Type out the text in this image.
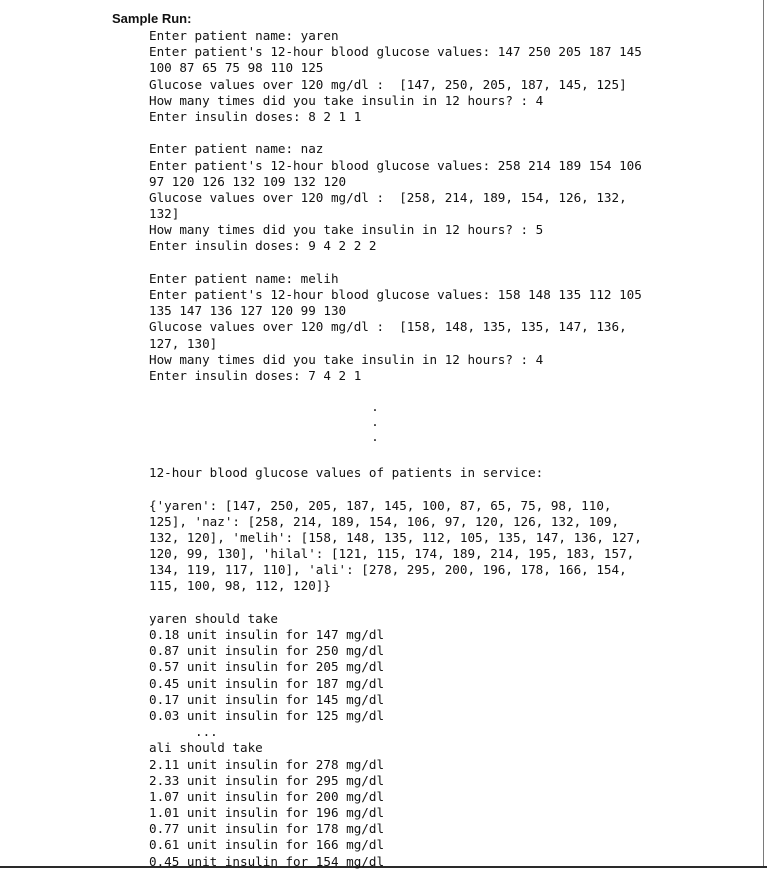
Sample Run:
Enter patient name: yaren
Enter patient's 12-hour blood glucose values: 147 250 205 187 145
100 87 65 75 98 110 125
Glucose values over 120 mg/dl :  [147, 250, 205, 187, 145, 125]
How many times did you take insulin in 12 hours? : 4
Enter insulin doses: 8 2 1 1
Enter patient name: naz
Enter patient's 12-hour blood glucose values: 258 214 189 154 106
97 120 126 132 109 132 120
Glucose values over 120 mg/dl :  [258, 214, 189, 154, 126, 132,
132]
How many times did you take insulin in 12 hours? : 5
Enter insulin doses: 9 4 2 2 2
Enter patient name: melih
Enter patient's 12-hour blood glucose values: 158 148 135 112 105
135 147 136 127 120 99 130
Glucose values over 120 mg/dl :  [158, 148, 135, 135, 147, 136,
127, 130]
How many times did you take insulin in 12 hours? : 4
Enter insulin doses: 7 4 2 1
12-hour blood glucose values of patients in service:
{'yaren': [147, 250, 205, 187, 145, 100, 87, 65, 75, 98, 110,
125], 'naz': [258, 214, 189, 154, 106, 97, 120, 126, 132, 109,
132, 120], 'melih': [158, 148, 135, 112, 105, 135, 147, 136, 127,
120, 99, 130], 'hilal': [121, 115, 174, 189, 214, 195, 183, 157,
134, 119, 117, 110], 'ali': [278, 295, 200, 196, 178, 166, 154,
115, 100, 98, 112, 120]}
yaren should take
0.18 unit insulin for 147 mg/dl
0.87 unit insulin for 250 mg/dl
0.57 unit insulin for 205 mg/dl
0.45 unit insulin for 187 mg/dl
0.17 unit insulin for 145 mg/dl
0.03 unit insulin for 125 mg/dl
...
ali should take
2.11 unit insulin for 278 mg/dl
2.33 unit insulin for 295 mg/dl
1.07 unit insulin for 200 mg/dl
1.01 unit insulin for 196 mg/dl
0.77 unit insulin for 178 mg/dl
0.61 unit insulin for 166 mg/dl
0.45 unit insulin for 154 mg/dl
.
.
.
